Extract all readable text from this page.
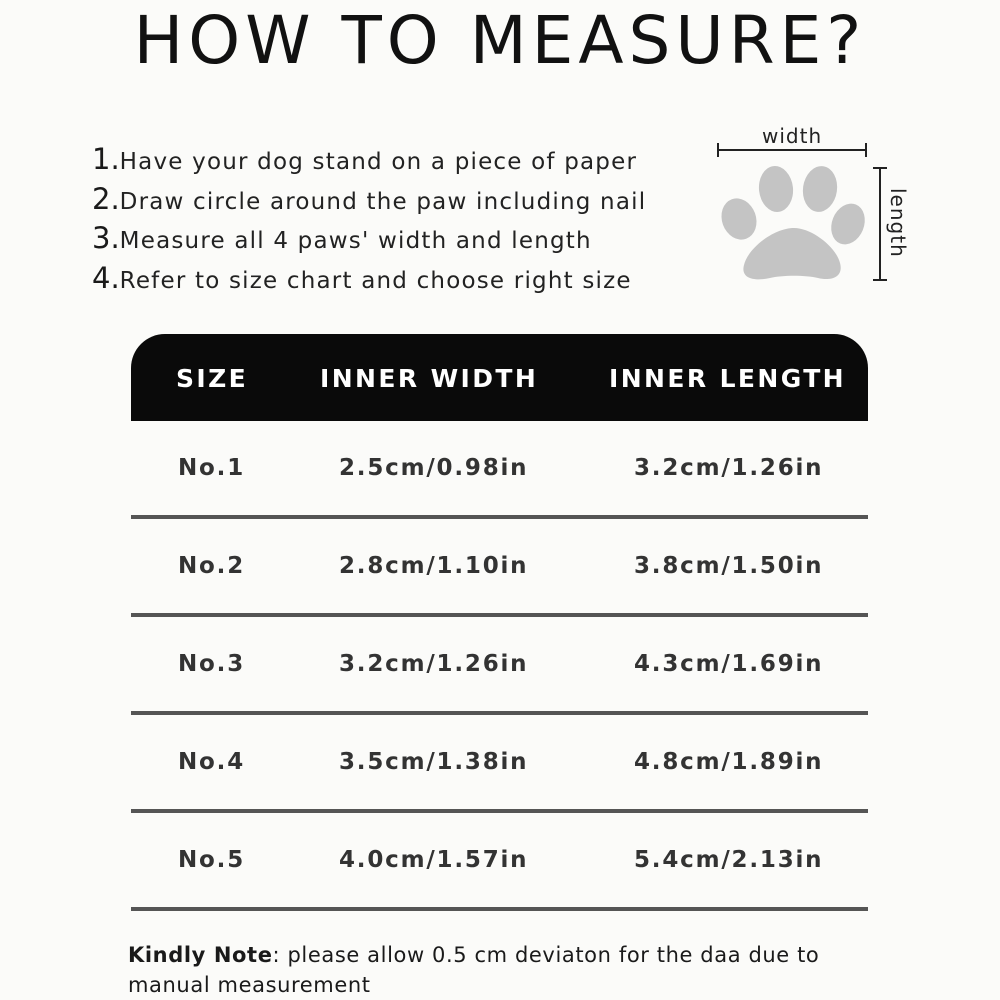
HOW TO MEASURE?
1. Have your dog stand on a piece of paper
2. Draw circle around the paw including nail
3. Measure all 4 paws' width and length
4. Refer to size chart and choose right size
width
length
SIZE	INNER WIDTH	INNER LENGTH
No.1	2.5cm/0.98in	3.2cm/1.26in
No.2	2.8cm/1.10in	3.8cm/1.50in
No.3	3.2cm/1.26in	4.3cm/1.69in
No.4	3.5cm/1.38in	4.8cm/1.89in
No.5	4.0cm/1.57in	5.4cm/2.13in

Kindly Note: please allow 0.5 cm deviaton for the daa due to manual measurement
